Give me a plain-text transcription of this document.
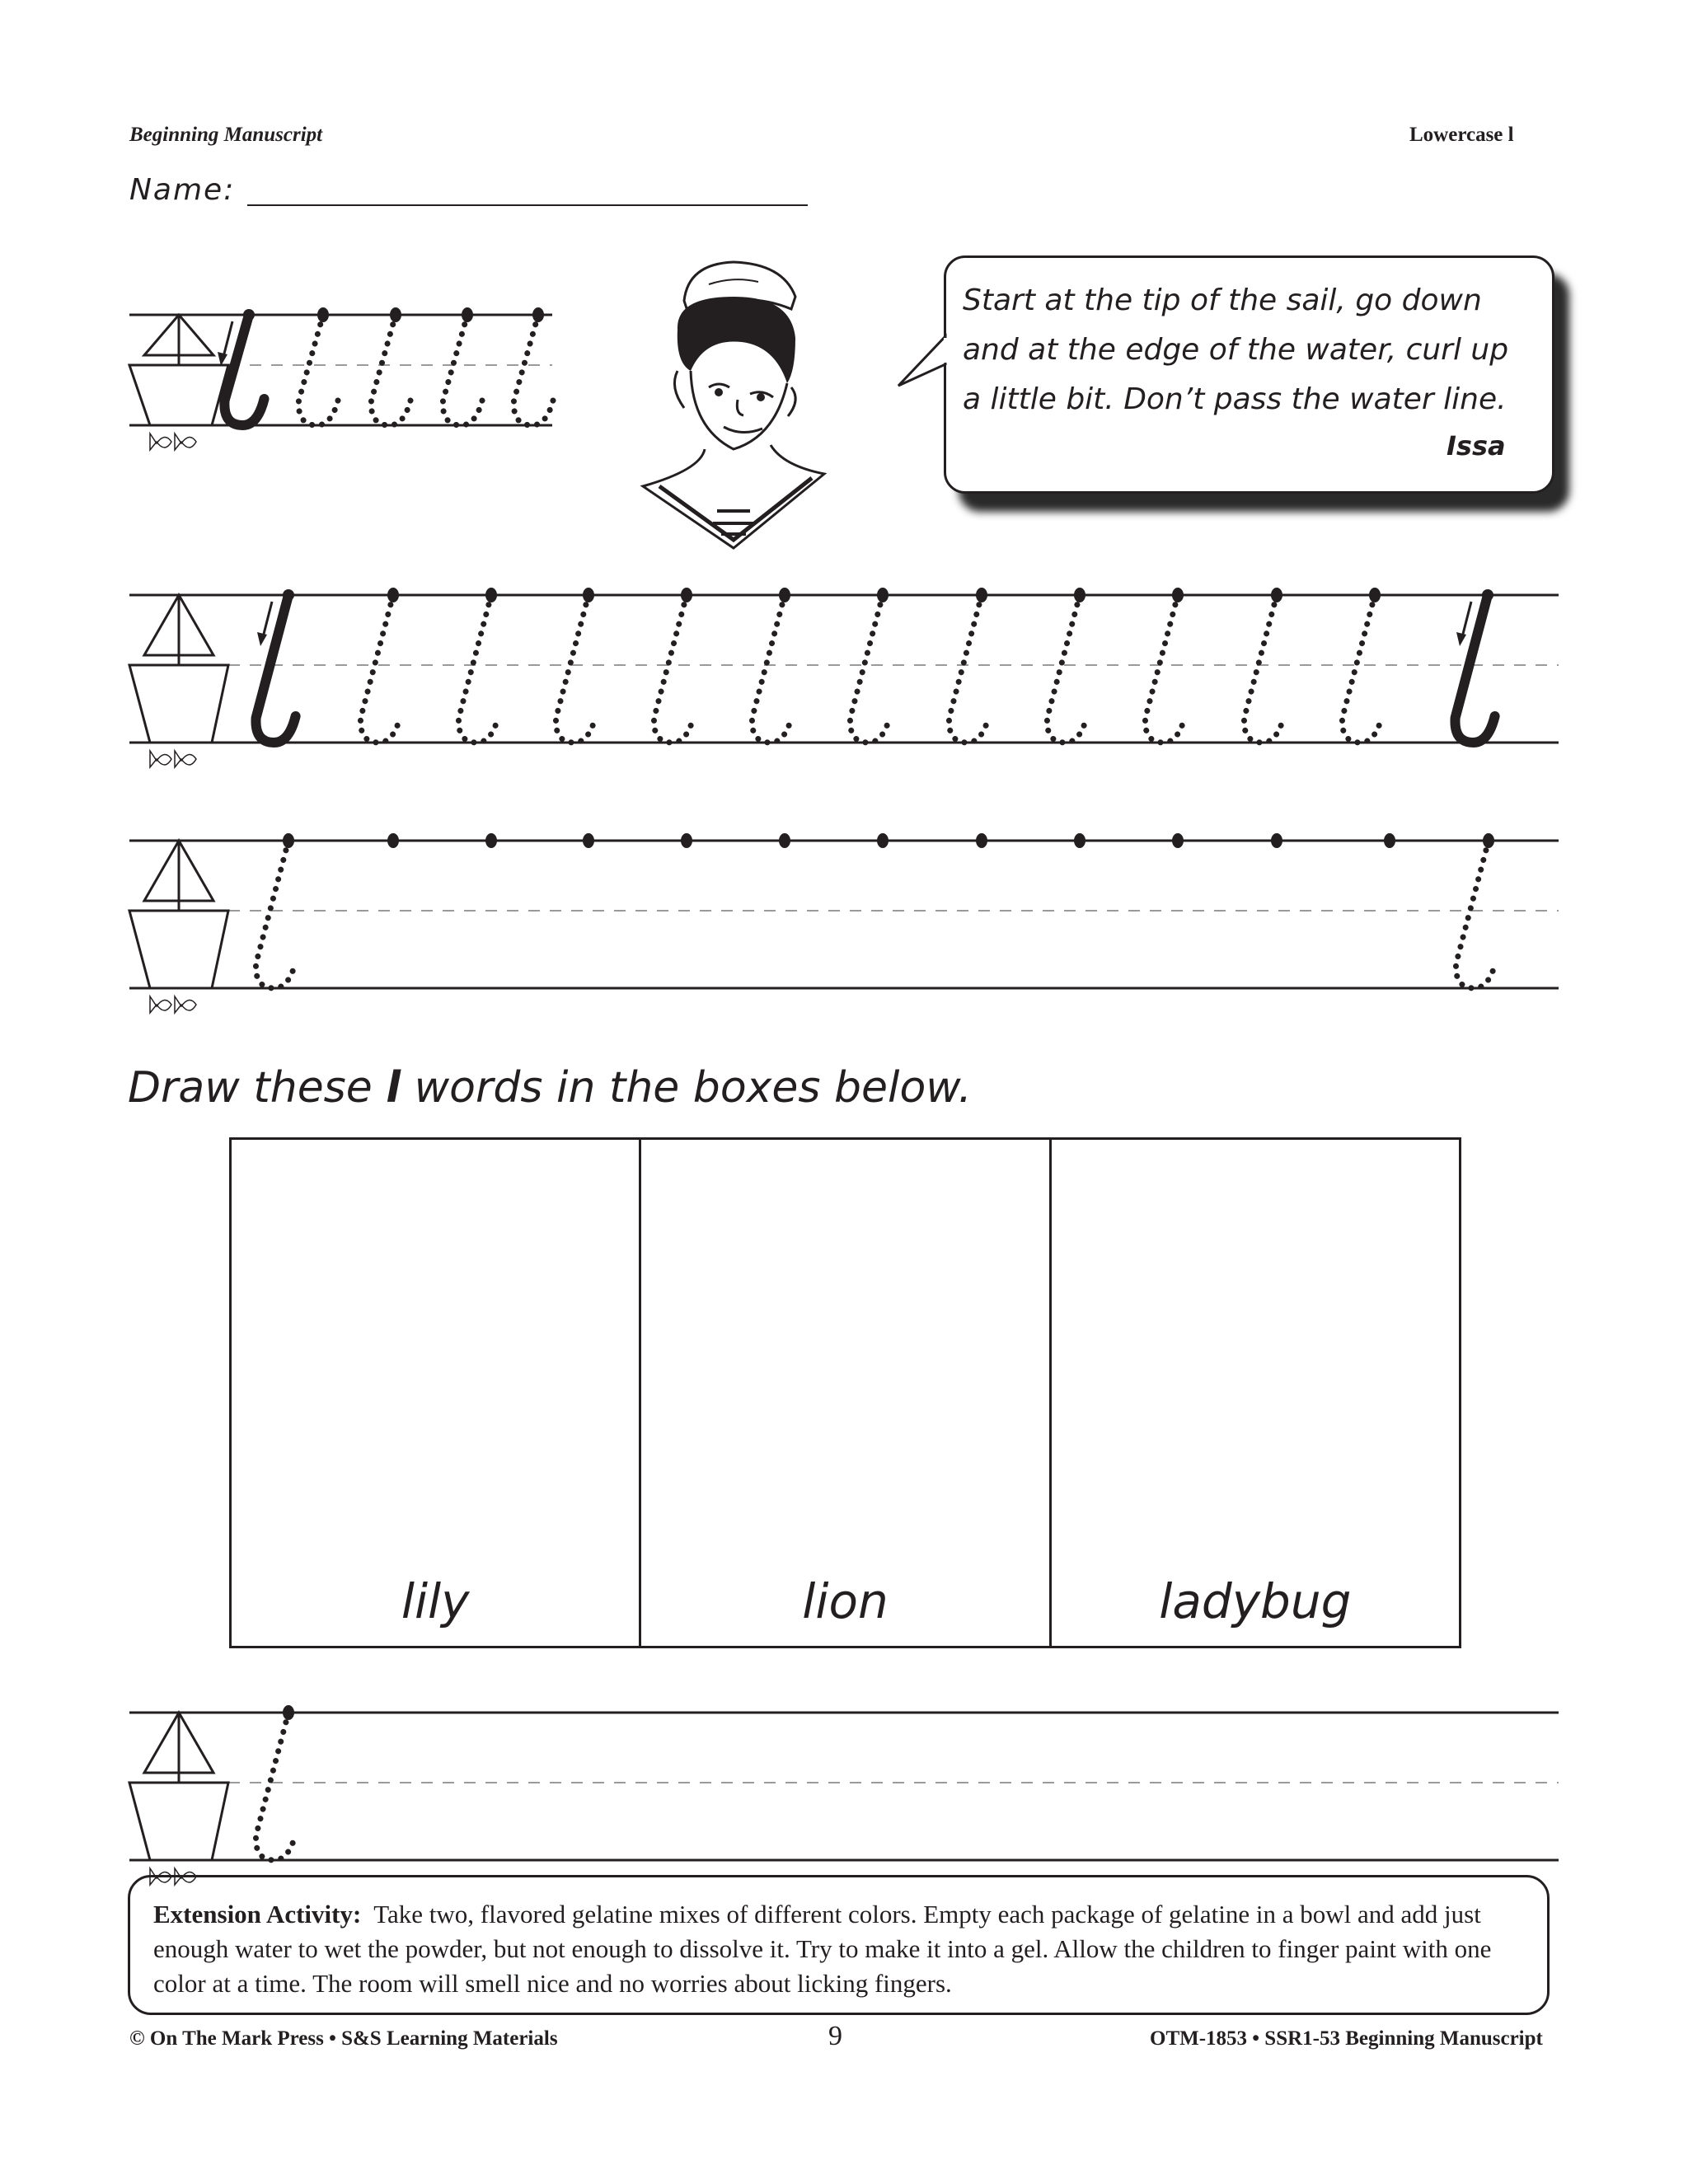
Beginning Manuscript	Lowercase l
Name:
Start at the tip of the sail, go down
and at the edge of the water, curl up
a little bit. Don’t pass the water line.
Issa
Draw these l words in the boxes below.
lily	lion	ladybug
Extension Activity: Take two, flavored gelatine mixes of different colors. Empty each package of gelatine in a bowl and add just enough water to wet the powder, but not enough to dissolve it. Try to make it into a gel. Allow the children to finger paint with one color at a time. The room will smell nice and no worries about licking fingers.
© On The Mark Press • S&S Learning Materials	9	OTM-1853 • SSR1-53 Beginning Manuscript
